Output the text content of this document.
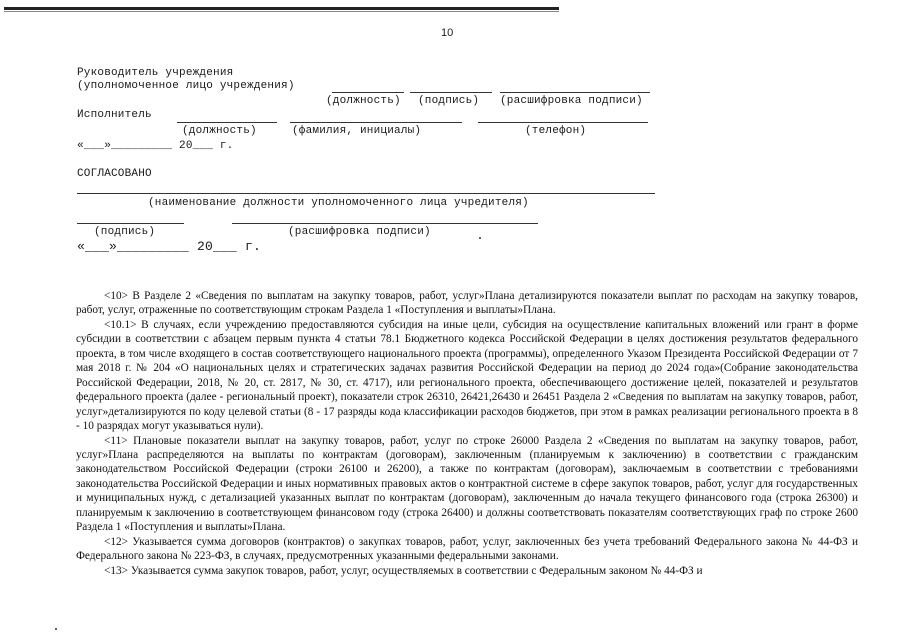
10
Руководитель учреждения
(уполномоченное лицо учреждения)
(должность) (подпись) (расшифровка подписи)
Исполнитель
(должность)	(фамилия, инициалы)	(телефон)
«___»_________ 20___ г.
СОГЛАСОВАНО
(наименование должности уполномоченного лица учредителя)
(подпись)	(расшифровка подписи)
«___»_________ 20___ г.

<10> В Разделе 2 «Сведения по выплатам на закупку товаров, работ, услуг»Плана детализируются показатели выплат по расходам на закупку товаров, работ, услуг, отраженные по соответствующим строкам Раздела 1 «Поступления и выплаты»Плана.

<10.1> В случаях, если учреждению предоставляются субсидия на иные цели, субсидия на осуществление капитальных вложений или грант в форме субсидии в соответствии с абзацем первым пункта 4 статьи 78.1 Бюджетного кодекса Российской Федерации в целях достижения результатов федерального проекта, в том числе входящего в состав соответствующего национального проекта (программы), определенного Указом Президента Российской Федерации от 7 мая 2018 г. № 204 «О национальных целях и стратегических задачах развития Российской Федерации на период до 2024 года»(Собрание законодательства Российской Федерации, 2018, № 20, ст. 2817, № 30, ст. 4717), или регионального проекта, обеспечивающего достижение целей, показателей и результатов федерального проекта (далее - региональный проект), показатели строк 26310, 26421,26430 и 26451 Раздела 2 «Сведения по выплатам на закупку товаров, работ, услуг»детализируются по коду целевой статьи (8 - 17 разряды кода классификации расходов бюджетов, при этом в рамках реализации регионального проекта в 8 - 10 разрядах могут указываться нули).

<11> Плановые показатели выплат на закупку товаров, работ, услуг по строке 26000 Раздела 2 «Сведения по выплатам на закупку товаров, работ, услуг»Плана распределяются на выплаты по контрактам (договорам), заключенным (планируемым к заключению) в соответствии с гражданским законодательством Российской Федерации (строки 26100 и 26200), а также по контрактам (договорам), заключаемым в соответствии с требованиями законодательства Российской Федерации и иных нормативных правовых актов о контрактной системе в сфере закупок товаров, работ, услуг для государственных и муниципальных нужд, с детализацией указанных выплат по контрактам (договорам), заключенным до начала текущего финансового года (строка 26300) и планируемым к заключению в соответствующем финансовом году (строка 26400) и должны соответствовать показателям соответствующих граф по строке 2600 Раздела 1 «Поступления и выплаты»Плана.

<12> Указывается сумма договоров (контрактов) о закупках товаров, работ, услуг, заключенных без учета требований Федерального закона № 44-ФЗ и Федерального закона № 223-ФЗ, в случаях, предусмотренных указанными федеральными законами.

<13> Указывается сумма закупок товаров, работ, услуг, осуществляемых в соответствии с Федеральным законом № 44-ФЗ и
